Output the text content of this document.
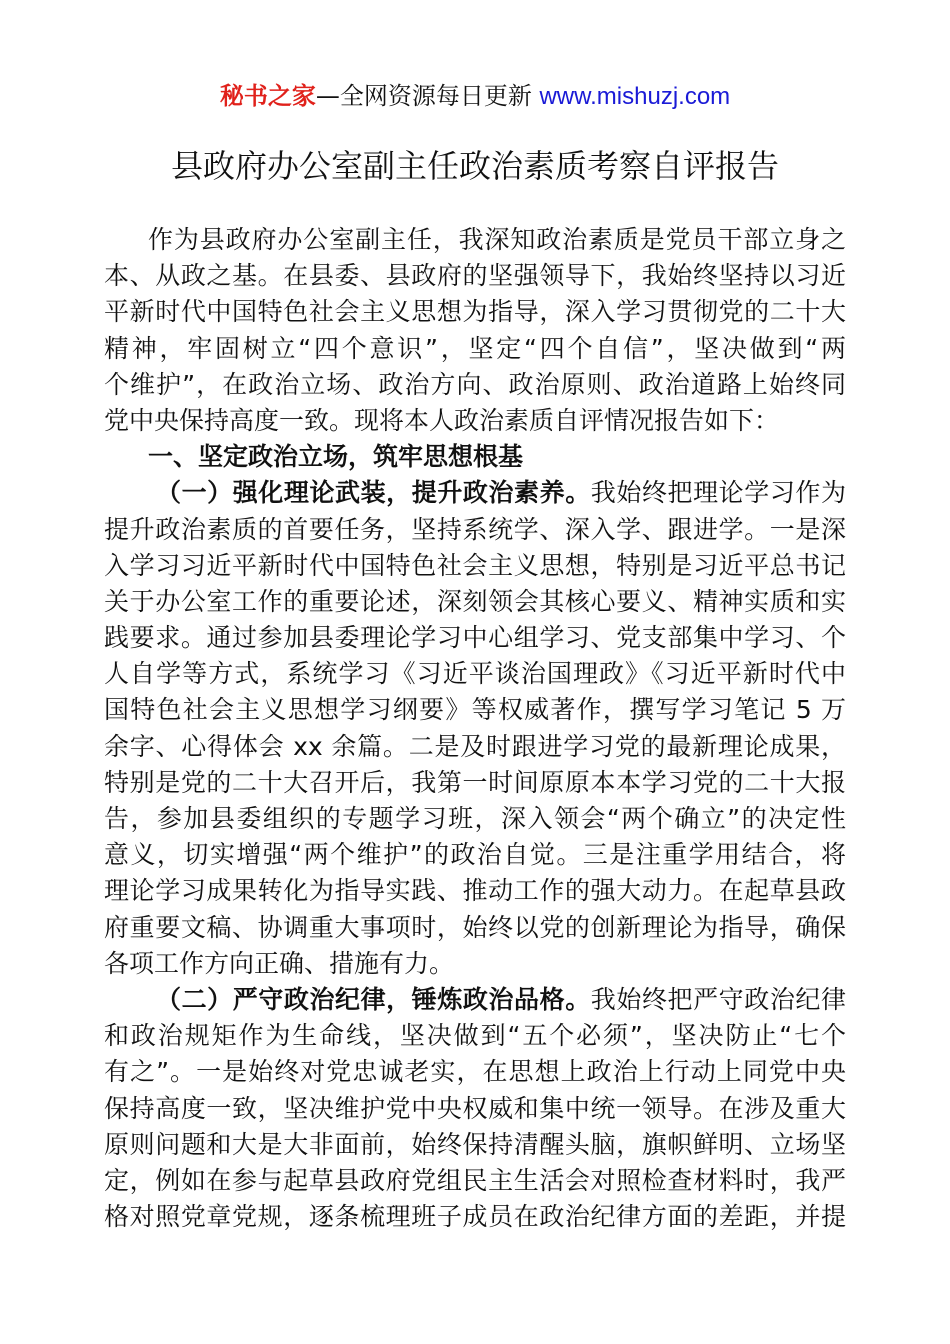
秘书之家—全网资源每日更新 www.mishuzj.com
县政府办公室副主任政治素质考察自评报告
作为县政府办公室副主任，我深知政治素质是党员干部立身之
本、从政之基。在县委、县政府的坚强领导下，我始终坚持以习近
平新时代中国特色社会主义思想为指导，深入学习贯彻党的二十大
精神，牢固树立“四个意识”，坚定“四个自信”，坚决做到“两
个维护”，在政治立场、政治方向、政治原则、政治道路上始终同
党中央保持高度一致。现将本人政治素质自评情况报告如下：
一、坚定政治立场，筑牢思想根基
（一）强化理论武装，提升政治素养。我始终把理论学习作为
提升政治素质的首要任务，坚持系统学、深入学、跟进学。一是深
入学习习近平新时代中国特色社会主义思想，特别是习近平总书记
关于办公室工作的重要论述，深刻领会其核心要义、精神实质和实
践要求。通过参加县委理论学习中心组学习、党支部集中学习、个
人自学等方式，系统学习《习近平谈治国理政》《习近平新时代中
国特色社会主义思想学习纲要》等权威著作，撰写学习笔记 5 万
余字、心得体会 xx 余篇。二是及时跟进学习党的最新理论成果，
特别是党的二十大召开后，我第一时间原原本本学习党的二十大报
告，参加县委组织的专题学习班，深入领会“两个确立”的决定性
意义，切实增强“两个维护”的政治自觉。三是注重学用结合，将
理论学习成果转化为指导实践、推动工作的强大动力。在起草县政
府重要文稿、协调重大事项时，始终以党的创新理论为指导，确保
各项工作方向正确、措施有力。
（二）严守政治纪律，锤炼政治品格。我始终把严守政治纪律
和政治规矩作为生命线，坚决做到“五个必须”，坚决防止“七个
有之”。一是始终对党忠诚老实，在思想上政治上行动上同党中央
保持高度一致，坚决维护党中央权威和集中统一领导。在涉及重大
原则问题和大是大非面前，始终保持清醒头脑，旗帜鲜明、立场坚
定，例如在参与起草县政府党组民主生活会对照检查材料时，我严
格对照党章党规，逐条梳理班子成员在政治纪律方面的差距，并提
